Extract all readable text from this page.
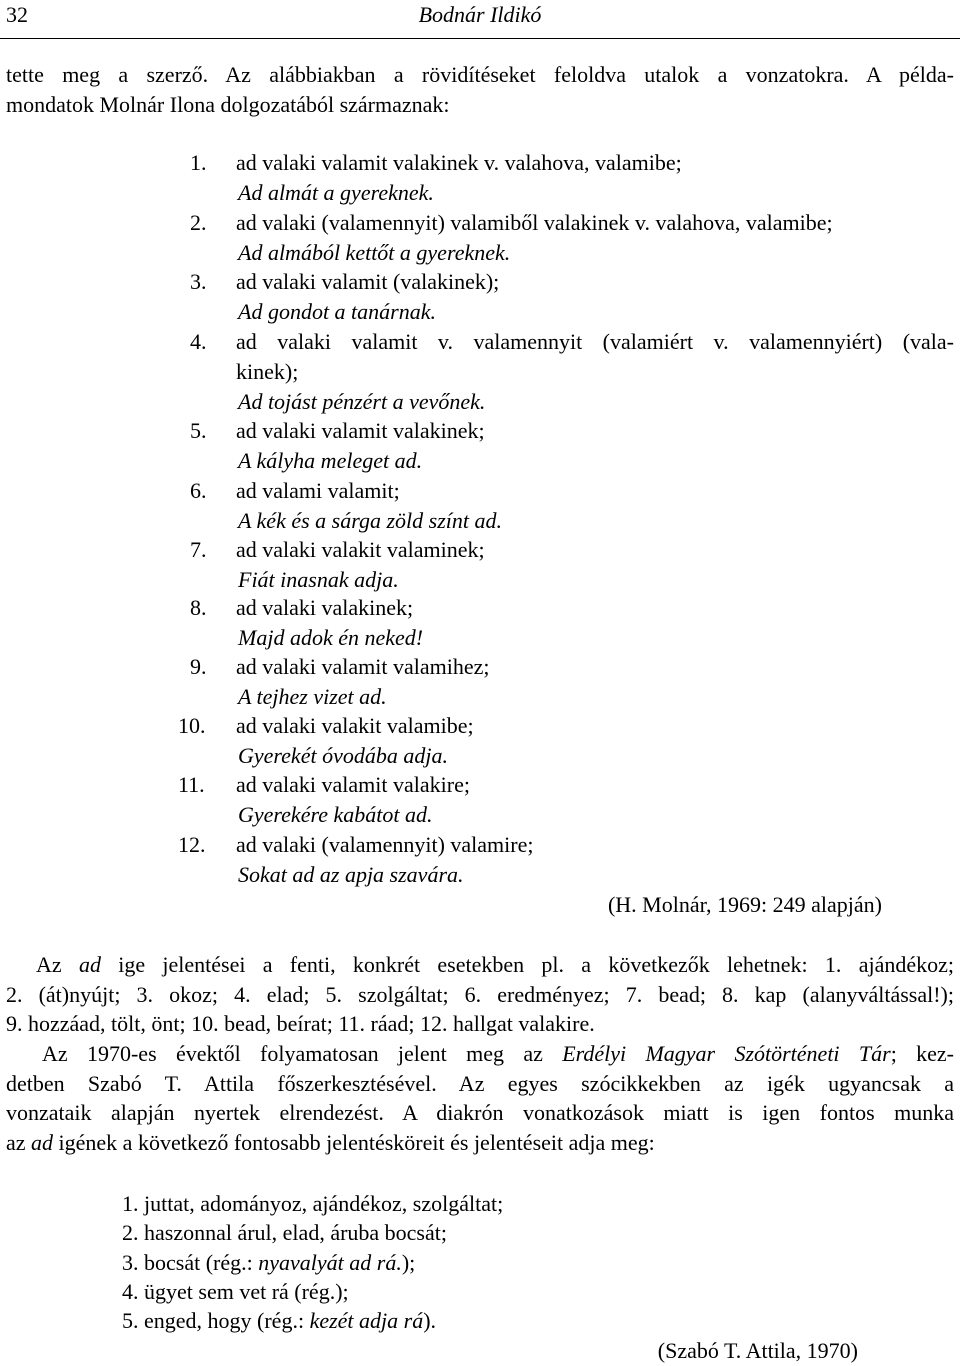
32	Bodnár Ildikó
tette meg a szerző. Az alábbiakban a rövidítéseket feloldva utalok a vonzatokra. A példa-
mondatok Molnár Ilona dolgozatából származnak:
1. ad valaki valamit valakinek v. valahova, valamibe;
Ad almát a gyereknek.
2. ad valaki (valamennyit) valamiből valakinek v. valahova, valamibe;
Ad almából kettőt a gyereknek.
3. ad valaki valamit (valakinek);
Ad gondot a tanárnak.
4. ad valaki valamit v. valamennyit (valamiért v. valamennyiért) (vala-
kinek);
Ad tojást pénzért a vevőnek.
5. ad valaki valamit valakinek;
A kályha meleget ad.
6. ad valami valamit;
A kék és a sárga zöld színt ad.
7. ad valaki valakit valaminek;
Fiát inasnak adja.
8. ad valaki valakinek;
Majd adok én neked!
9. ad valaki valamit valamihez;
A tejhez vizet ad.
10. ad valaki valakit valamibe;
Gyerekét óvodába adja.
11. ad valaki valamit valakire;
Gyerekére kabátot ad.
12. ad valaki (valamennyit) valamire;
Sokat ad az apja szavára.
(H. Molnár, 1969: 249 alapján)
Az ad ige jelentései a fenti, konkrét esetekben pl. a következők lehetnek: 1. ajándékoz;
2. (át)nyújt; 3. okoz; 4. elad; 5. szolgáltat; 6. eredményez; 7. bead; 8. kap (alanyváltással!);
9. hozzáad, tölt, önt; 10. bead, beírat; 11. ráad; 12. hallgat valakire.
Az 1970-es évektől folyamatosan jelent meg az Erdélyi Magyar Szótörténeti Tár; kez-
detben Szabó T. Attila főszerkesztésével. Az egyes szócikkekben az igék ugyancsak a
vonzataik alapján nyertek elrendezést. A diakrón vonatkozások miatt is igen fontos munka
az ad igének a következő fontosabb jelentésköreit és jelentéseit adja meg:
1. juttat, adományoz, ajándékoz, szolgáltat;
2. haszonnal árul, elad, áruba bocsát;
3. bocsát (rég.: nyavalyát ad rá.);
4. ügyet sem vet rá (rég.);
5. enged, hogy (rég.: kezét adja rá).
(Szabó T. Attila, 1970)
